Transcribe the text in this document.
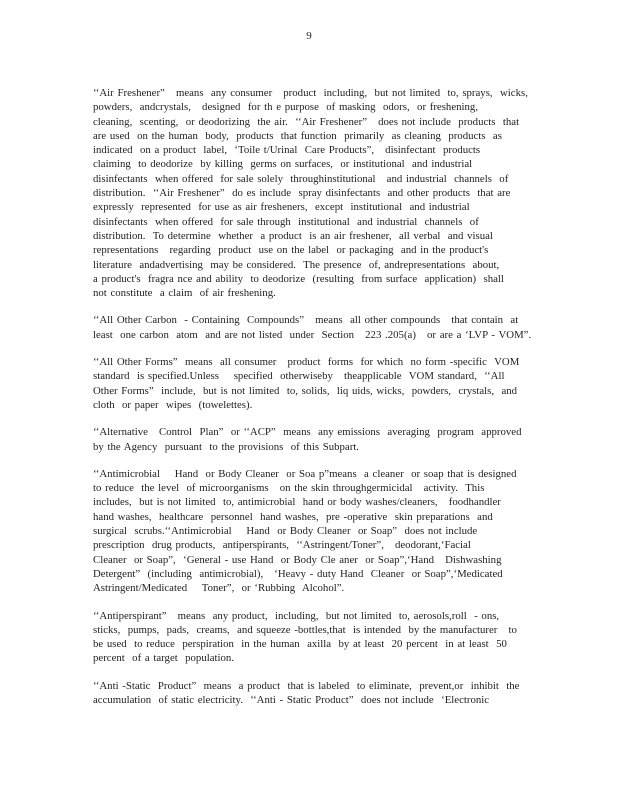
9
‘‘Air Freshener”   means  any consumer   product  including,  but not limited  to, sprays,  wicks,
powders,  andcrystals,   designed  for th e purpose  of masking  odors,  or freshening,
cleaning,  scenting,  or deodorizing  the air.  ‘‘Air Freshener”   does not include  products  that
are used  on the human  body,  products  that function  primarily  as cleaning  products  as
indicated  on a product  label,  ‘Toile t/Urinal  Care Products”,   disinfectant  products
claiming  to deodorize  by killing  germs on surfaces,  or institutional  and industrial
disinfectants  when offered  for sale solely  throughinstitutional   and industrial  channels  of
distribution.  ‘‘Air Freshener”  do es include  spray disinfectants  and other products  that are
expressly  represented  for use as air fresheners,  except  institutional  and industrial
disinfectants  when offered  for sale through  institutional  and industrial  channels  of
distribution.  To determine  whether  a product  is an air freshener,  all verbal  and visual
representations   regarding  product  use on the label  or packaging  and in the product's
literature  andadvertising  may be considered.  The presence  of, andrepresentations  about,
a product's  fragra nce and ability  to deodorize  (resulting  from surface  application)  shall
not constitute  a claim  of air freshening.
‘‘All Other Carbon  - Containing  Compounds”   means  all other compounds   that contain  at
least  one carbon  atom  and are not listed  under  Section   223 .205(a)   or are a ‘LVP - VOM”.
‘‘All Other Forms”  means  all consumer   product  forms  for which  no form -specific  VOM
standard  is specified.Unless    specified  otherwiseby   theapplicable  VOM standard,  ‘‘All
Other Forms”  include,  but is not limited  to, solids,  liq uids, wicks,  powders,  crystals,  and
cloth  or paper  wipes  (towelettes).
‘‘Alternative   Control  Plan”  or ‘‘ACP”  means  any emissions  averaging  program  approved
by the Agency  pursuant  to the provisions  of this Subpart.
‘‘Antimicrobial    Hand  or Body Cleaner  or Soa p”means  a cleaner  or soap that is designed
to reduce  the level  of microorganisms   on the skin throughgermicidal   activity.  This
includes,  but is not limited  to, antimicrobial  hand or body washes/cleaners,   foodhandler
hand washes,  healthcare  personnel  hand washes,  pre -operative  skin preparations  and
surgical  scrubs.‘‘Antimicrobial    Hand  or Body Cleaner  or Soap”  does not include
prescription  drug products,  antiperspirants,  ‘‘Astringent/Toner”,   deodorant,‘Facial
Cleaner  or Soap”,  ‘General - use Hand  or Body Cle aner  or Soap”,‘Hand   Dishwashing
Detergent”  (including  antimicrobial),   ‘Heavy - duty Hand  Cleaner  or Soap”,‘Medicated
Astringent/Medicated    Toner”,  or ‘Rubbing  Alcohol”.
‘‘Antiperspirant”   means  any product,  including,  but not limited  to, aerosols,roll  - ons,
sticks,  pumps,  pads,  creams,  and squeeze -bottles,that  is intended  by the manufacturer   to
be used  to reduce  perspiration  in the human  axilla  by at least  20 percent  in at least  50
percent  of a target  population.
‘‘Anti -Static  Product”  means  a product  that is labeled  to eliminate,  prevent,or  inhibit  the
accumulation  of static electricity.  ‘‘Anti - Static Product”  does not include  ‘Electronic
